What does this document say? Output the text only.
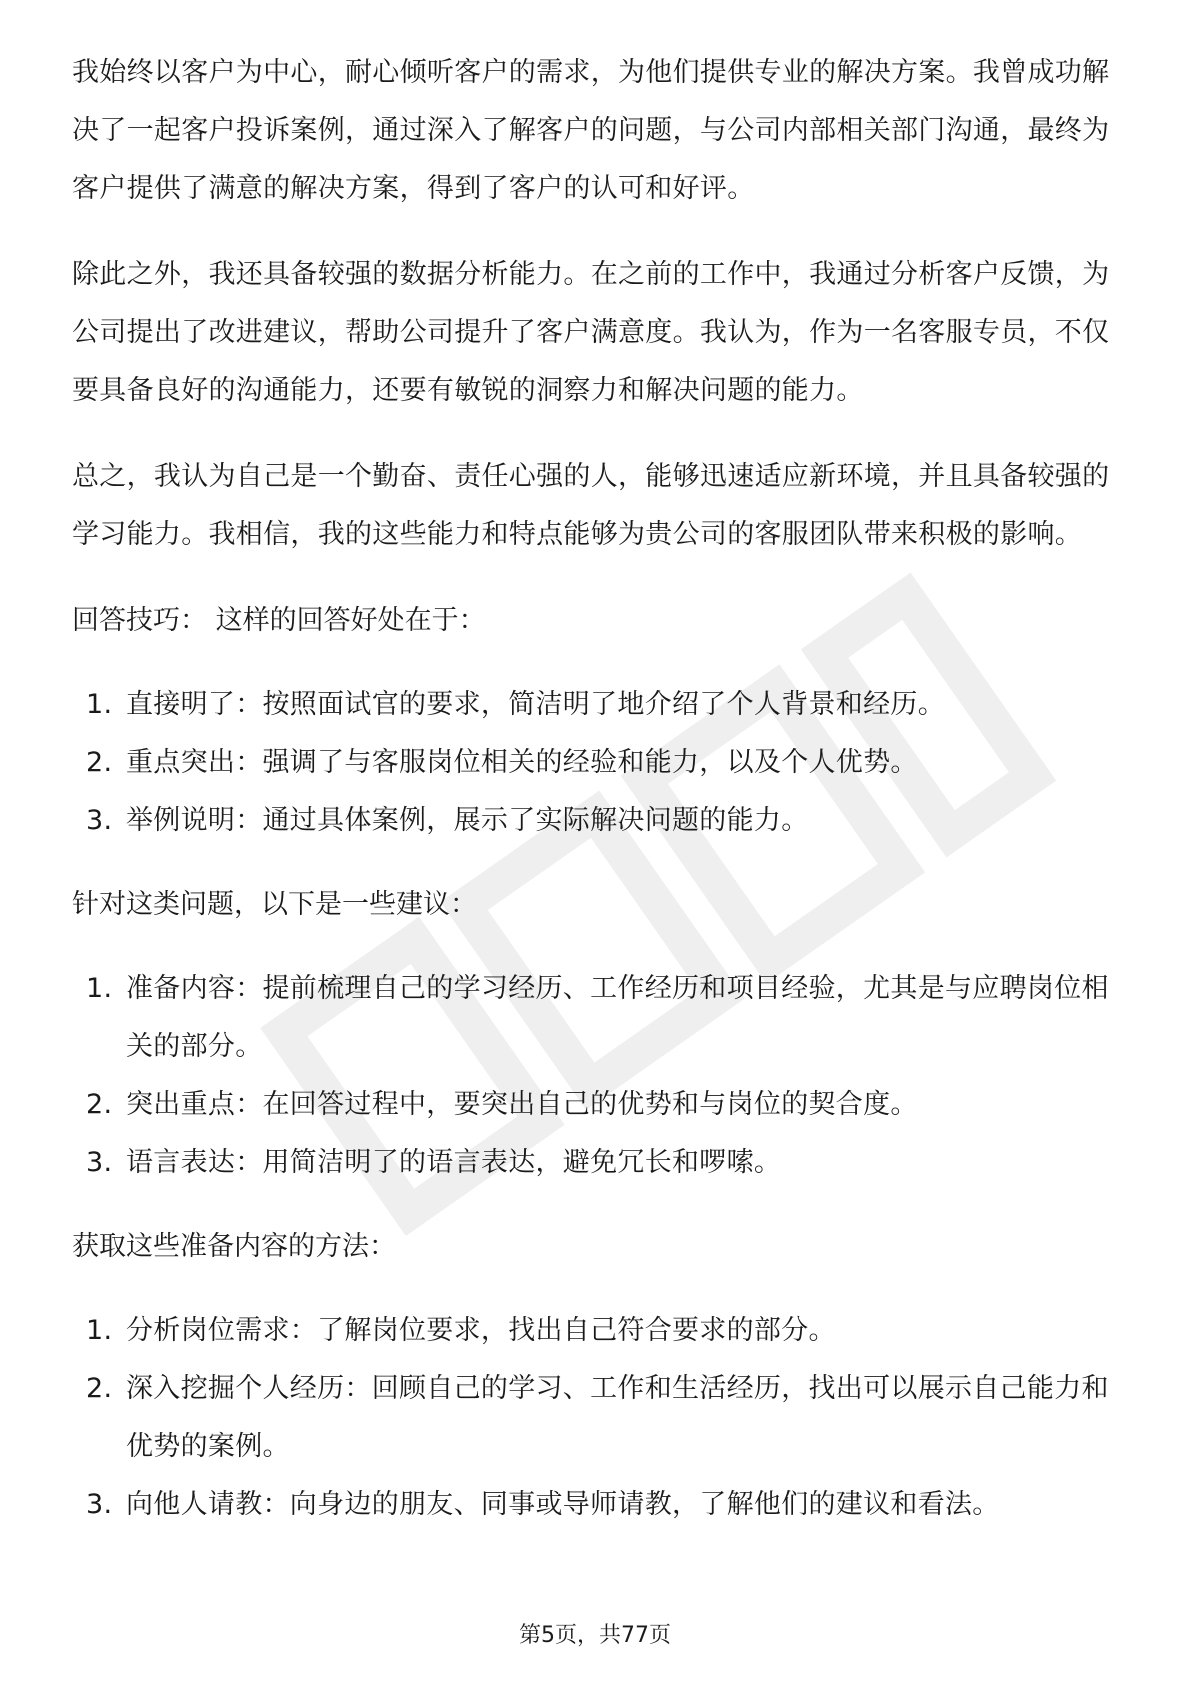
我始终以客户为中心，耐心倾听客户的需求，为他们提供专业的解决方案。我曾成功解决了一起客户投诉案例，通过深入了解客户的问题，与公司内部相关部门沟通，最终为客户提供了满意的解决方案，得到了客户的认可和好评。

除此之外，我还具备较强的数据分析能力。在之前的工作中，我通过分析客户反馈，为公司提出了改进建议，帮助公司提升了客户满意度。我认为，作为一名客服专员，不仅要具备良好的沟通能力，还要有敏锐的洞察力和解决问题的能力。

总之，我认为自己是一个勤奋、责任心强的人，能够迅速适应新环境，并且具备较强的学习能力。我相信，我的这些能力和特点能够为贵公司的客服团队带来积极的影响。

回答技巧： 这样的回答好处在于：

1. 直接明了：按照面试官的要求，简洁明了地介绍了个人背景和经历。
2. 重点突出：强调了与客服岗位相关的经验和能力，以及个人优势。
3. 举例说明：通过具体案例，展示了实际解决问题的能力。

针对这类问题，以下是一些建议：

1. 准备内容：提前梳理自己的学习经历、工作经历和项目经验，尤其是与应聘岗位相关的部分。
2. 突出重点：在回答过程中，要突出自己的优势和与岗位的契合度。
3. 语言表达：用简洁明了的语言表达，避免冗长和啰嗦。

获取这些准备内容的方法：

1. 分析岗位需求：了解岗位要求，找出自己符合要求的部分。
2. 深入挖掘个人经历：回顾自己的学习、工作和生活经历，找出可以展示自己能力和优势的案例。
3. 向他人请教：向身边的朋友、同事或导师请教，了解他们的建议和看法。
第5页，共77页
